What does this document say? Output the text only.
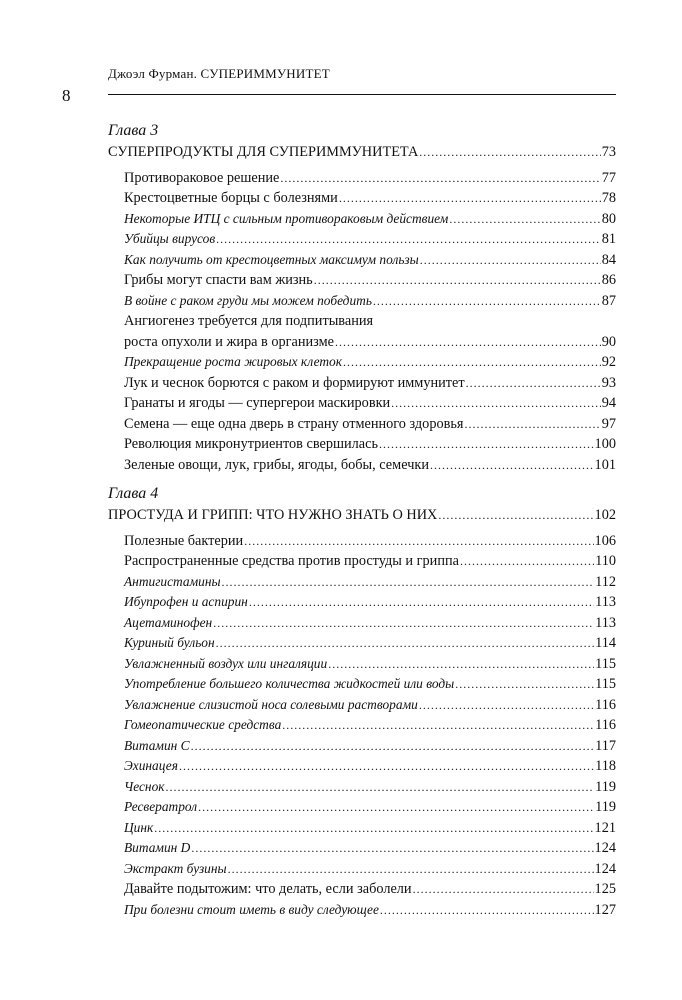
Джоэл Фурман. СУПЕРИММУНИТЕТ
8
Глава 3
СУПЕРПРОДУКТЫ ДЛЯ СУПЕРИММУНИТЕТА .....	73
Противораковое решение .....	77
Крестоцветные борцы с болезнями .....	78
Некоторые ИТЦ с сильным противораковым действием .....	80
Убийцы вирусов .....	81
Как получить от крестоцветных максимум пользы .....	84
Грибы могут спасти вам жизнь .....	86
В войне с раком груди мы можем победить .....	87
Ангиогенез требуется для подпитывания
роста опухоли и жира в организме .....	90
Прекращение роста жировых клеток .....	92
Лук и чеснок борются с раком и формируют иммунитет .....	93
Гранаты и ягоды — супергерои маскировки .....	94
Семена — еще одна дверь в страну отменного здоровья .....	97
Революция микронутриентов свершилась .....	100
Зеленые овощи, лук, грибы, ягоды, бобы, семечки .....	101
Глава 4
ПРОСТУДА И ГРИПП: ЧТО НУЖНО ЗНАТЬ О НИХ .....	102
Полезные бактерии .....	106
Распространенные средства против простуды и гриппа .....	110
Антигистамины .....	112
Ибупрофен и аспирин .....	113
Ацетаминофен .....	113
Куриный бульон .....	114
Увлажненный воздух или ингаляции .....	115
Употребление большего количества жидкостей или воды .....	115
Увлажнение слизистой носа солевыми растворами .....	116
Гомеопатические средства .....	116
Витамин С .....	117
Эхинацея .....	118
Чеснок .....	119
Ресвератрол .....	119
Цинк .....	121
Витамин D .....	124
Экстракт бузины .....	124
Давайте подытожим: что делать, если заболели .....	125
При болезни стоит иметь в виду следующее .....	127
